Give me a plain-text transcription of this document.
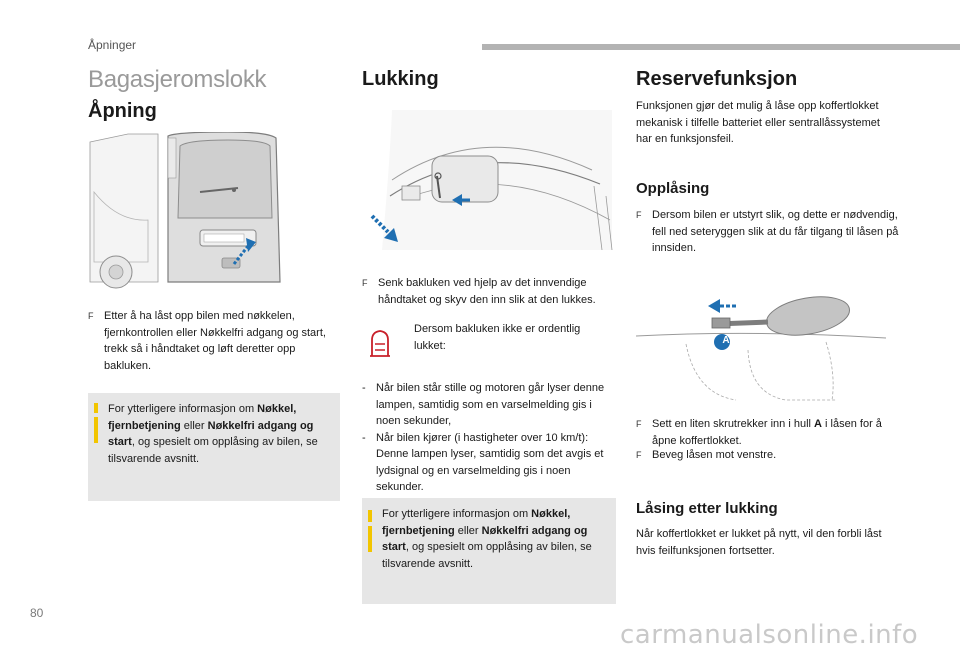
Åpninger
Bagasjeromslokk
Åpning
F Etter å ha låst opp bilen med nøkkelen, fjernkontrollen eller Nøkkelfri adgang og start, trekk så i håndtaket og løft deretter opp bakluken.
For ytterligere informasjon om Nøkkel, fjernbetjening eller Nøkkelfri adgang og start, og spesielt om opplåsing av bilen, se tilsvarende avsnitt.
Lukking
F Senk bakluken ved hjelp av det innvendige håndtaket og skyv den inn slik at den lukkes.
Dersom bakluken ikke er ordentlig lukket:
- Når bilen står stille og motoren går lyser denne lampen, samtidig som en varselmelding gis i noen sekunder,
- Når bilen kjører (i hastigheter over 10 km/t): Denne lampen lyser, samtidig som det avgis et lydsignal og en varselmelding gis i noen sekunder.
For ytterligere informasjon om Nøkkel, fjernbetjening eller Nøkkelfri adgang og start, og spesielt om opplåsing av bilen, se tilsvarende avsnitt.
Reservefunksjon
Funksjonen gjør det mulig å låse opp koffertlokket mekanisk i tilfelle batteriet eller sentrallåssystemet har en funksjonsfeil.
Opplåsing
F Dersom bilen er utstyrt slik, og dette er nødvendig, fell ned seteryggen slik at du får tilgang til låsen på innsiden.
A
F Sett en liten skrutrekker inn i hull A i låsen for å åpne koffertlokket.
F Beveg låsen mot venstre.
Låsing etter lukking
Når koffertlokket er lukket på nytt, vil den forbli låst hvis feilfunksjonen fortsetter.
80
carmanualsonline.info
